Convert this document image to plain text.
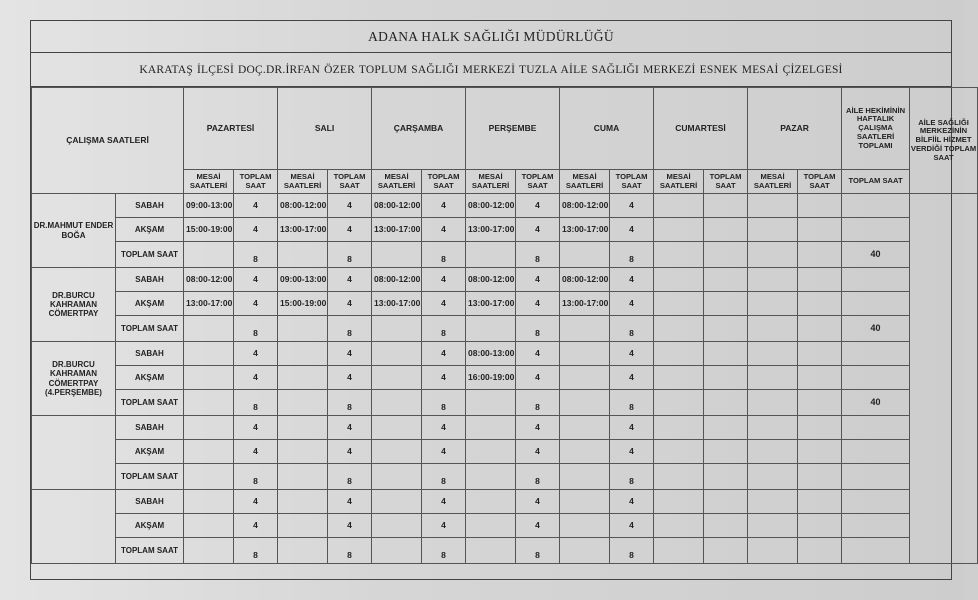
ADANA HALK SAĞLIĞI MÜDÜRLÜĞÜ
KARATAŞ İLÇESİ DOÇ.DR.İRFAN ÖZER TOPLUM SAĞLIĞI MERKEZİ TUZLA AİLE SAĞLIĞI MERKEZİ ESNEK MESAİ ÇİZELGESİ
ÇALIŞMA SAATLERİ		PAZARTESİ		SALI		ÇARŞAMBA		PERŞEMBE		CUMA		CUMARTESİ		PAZAR		AİLE HEKİMİNİN HAFTALIK ÇALIŞMA SAATLERİ TOPLAMI	AİLE SAĞLIĞI MERKEZİNİN BİLFİİL HİZMET VERDİĞİ TOPLAM SAAT
		MESAİ SAATLERİ	TOPLAM SAAT	MESAİ SAATLERİ	TOPLAM SAAT	MESAİ SAATLERİ	TOPLAM SAAT	MESAİ SAATLERİ	TOPLAM SAAT	MESAİ SAATLERİ	TOPLAM SAAT	MESAİ SAATLERİ	TOPLAM SAAT	MESAİ SAATLERİ	TOPLAM SAAT	TOPLAM SAAT	
DR.MAHMUT ENDER BOĞA	SABAH	09:00-13:00	4	08:00-12:00	4	08:00-12:00	4	08:00-12:00	4	08:00-12:00	4						
	AKŞAM	15:00-19:00	4	13:00-17:00	4	13:00-17:00	4	13:00-17:00	4	13:00-17:00	4						
	TOPLAM SAAT		8		8		8		8		8					40	
DR.BURCU KAHRAMAN CÖMERTPAY	SABAH	08:00-12:00	4	09:00-13:00	4	08:00-12:00	4	08:00-12:00	4	08:00-12:00	4						
	AKŞAM	13:00-17:00	4	15:00-19:00	4	13:00-17:00	4	13:00-17:00	4	13:00-17:00	4						
	TOPLAM SAAT		8		8		8		8		8					40	
DR.BURCU KAHRAMAN CÖMERTPAY (4.PERŞEMBE)	SABAH		4		4		4	08:00-13:00	4		4						
	AKŞAM		4		4		4	16:00-19:00	4		4						
	TOPLAM SAAT		8		8		8		8		8					40	
	SABAH		4		4		4		4		4						
	AKŞAM		4		4		4		4		4						
	TOPLAM SAAT		8		8		8		8		8						
	SABAH		4		4		4		4		4						
	AKŞAM		4		4		4		4		4						
	TOPLAM SAAT		8		8		8		8		8						
